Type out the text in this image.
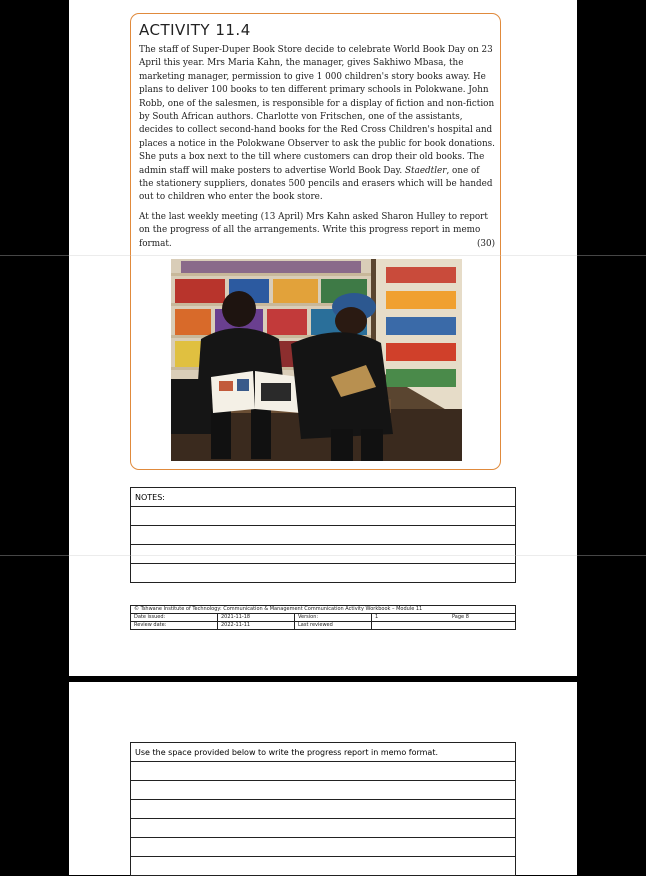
ACTIVITY 11.4

The staff of Super-Duper Book Store decide to celebrate World Book Day on 23 April this year. Mrs Maria Kahn, the manager, gives Sakhiwo Mbasa, the marketing manager, permission to give 1 000 children's story books away. He plans to deliver 100 books to ten different primary schools in Polokwane. John Robb, one of the salesmen, is responsible for a display of fiction and non-fiction by South African authors. Charlotte von Fritschen, one of the assistants, decides to collect second-hand books for the Red Cross Children's hospital and places a notice in the Polokwane Observer to ask the public for book donations. She puts a box next to the till where customers can drop their old books. The admin staff will make posters to advertise World Book Day. Staedtler, one of the stationery suppliers, donates 500 pencils and erasers which will be handed out to children who enter the book store.

At the last weekly meeting (13 April) Mrs Kahn asked Sharon Hulley to report on the progress of all the arrangements. Write this progress report in memo format.	(30)

NOTES:

© Tshwane Institute of Technology: Communication & Management Communication Activity Workbook – Module 11			
Date issued:	2021-11-18	Version:	1 Page 8

Review date:	2022-11-11	Last reviewed	
Use the space provided below to write the progress report in memo format.
